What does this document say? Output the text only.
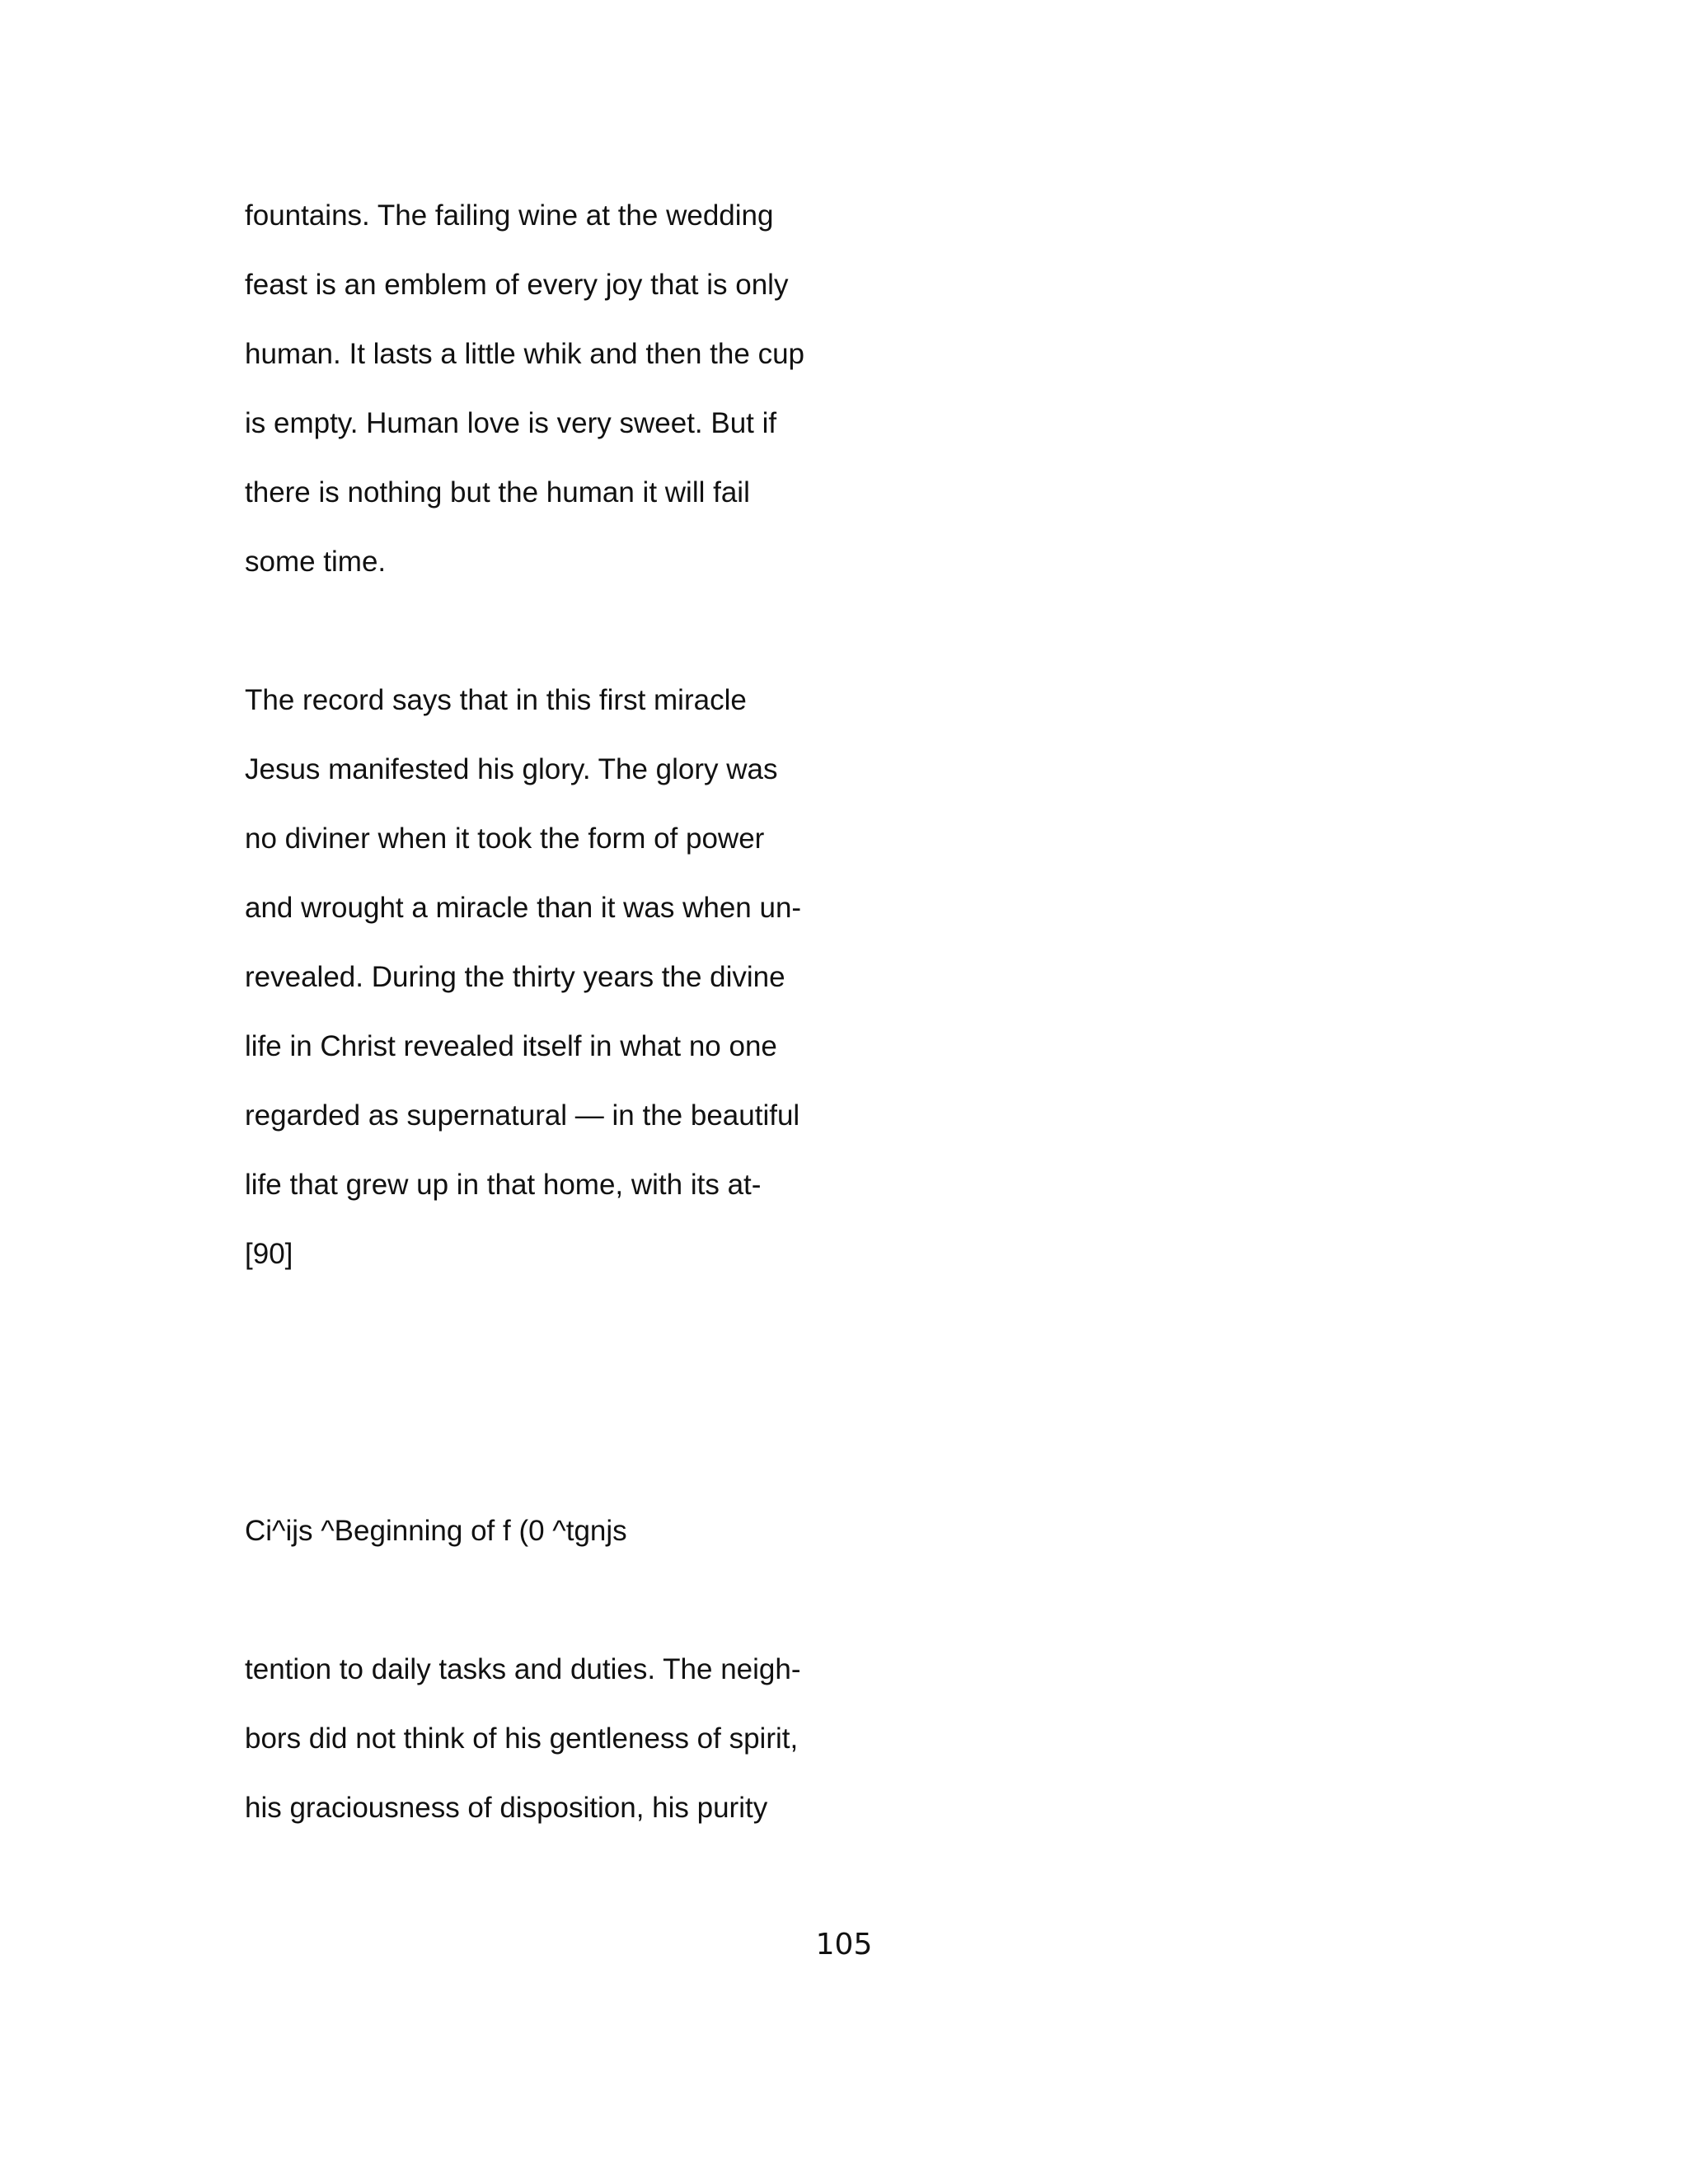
fountains. The failing wine at the wedding
feast is an emblem of every joy that is only
human. It lasts a little whik and then the cup
is empty. Human love is very sweet. But if
there is nothing but the human it will fail
some time.
The record says that in this first miracle
Jesus manifested his glory. The glory was
no diviner when it took the form of power
and wrought a miracle than it was when un-
revealed. During the thirty years the divine
life in Christ revealed itself in what no one
regarded as supernatural — in the beautiful
life that grew up in that home, with its at-
[90]
Ci^ijs ^Beginning of f (0 ^tgnjs
tention to daily tasks and duties. The neigh-
bors did not think of his gentleness of spirit,
his graciousness of disposition, his purity
105
